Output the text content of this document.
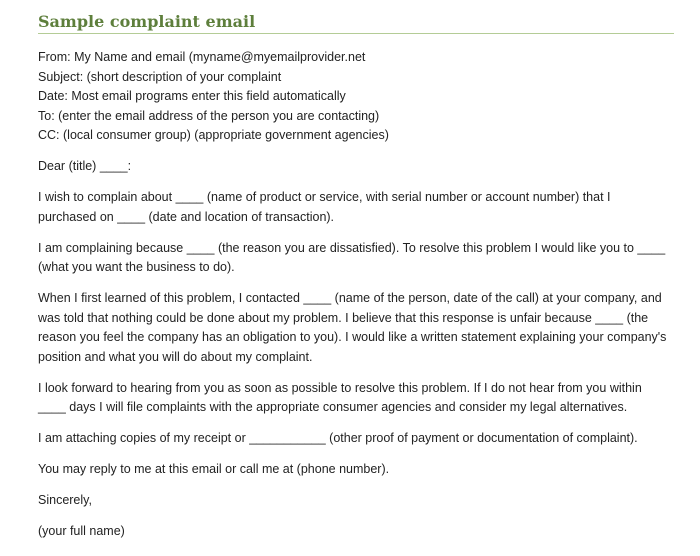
Sample complaint email

From: My Name and email (myname@myemailprovider.net

Subject: (short description of your complaint

Date: Most email programs enter this field automatically

To: (enter the email address of the person you are contacting)

CC: (local consumer group) (appropriate government agencies)

Dear (title) ____:

I wish to complain about ____ (name of product or service, with serial number or account number) that I purchased on ____ (date and location of transaction).

I am complaining because ____ (the reason you are dissatisfied). To resolve this problem I would like you to ____ (what you want the business to do).

When I first learned of this problem, I contacted ____ (name of the person, date of the call) at your company, and was told that nothing could be done about my problem. I believe that this response is unfair because ____ (the reason you feel the company has an obligation to you). I would like a written statement explaining your company's position and what you will do about my complaint.

I look forward to hearing from you as soon as possible to resolve this problem. If I do not hear from you within ____ days I will file complaints with the appropriate consumer agencies and consider my legal alternatives.

I am attaching copies of my receipt or ___________ (other proof of payment or documentation of complaint).

You may reply to me at this email or call me at (phone number).

Sincerely,

(your full name)
